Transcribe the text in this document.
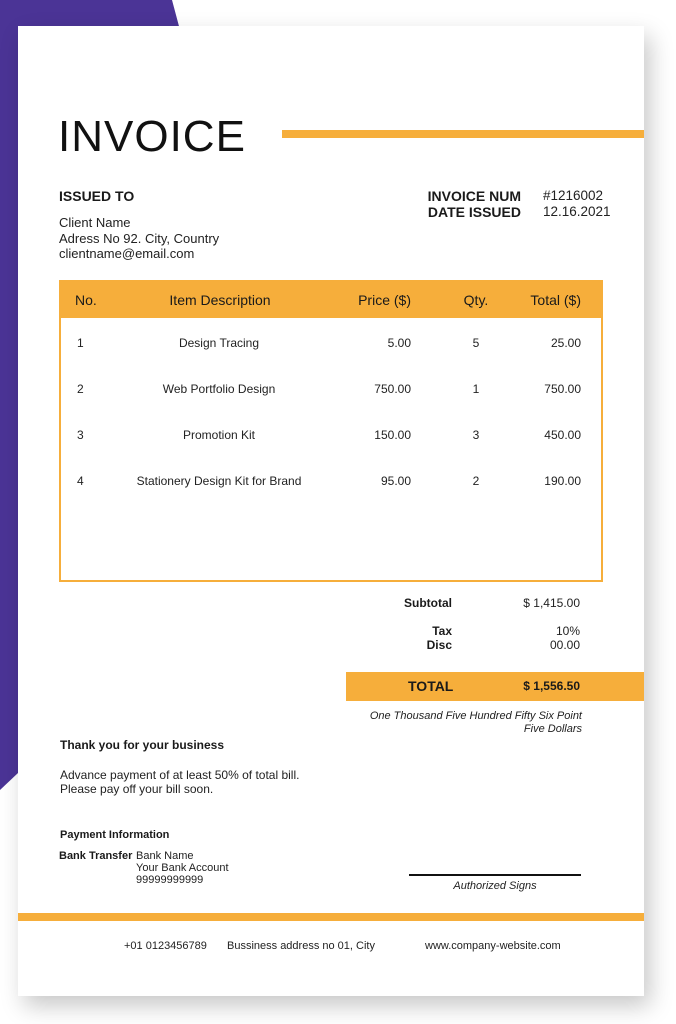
INVOICE
ISSUED TO
Client Name
Adress No 92. City, Country
clientname@email.com
INVOICE NUM #1216002
DATE ISSUED 12.16.2021
No.	Item Description	Price ($)	Qty.	Total ($)
1	Design Tracing	5.00	5	25.00
2	Web Portfolio Design	750.00	1	750.00
3	Promotion Kit	150.00	3	450.00
4	Stationery Design Kit for Brand	95.00	2	190.00
Subtotal	$ 1,415.00
Tax	10%
Disc	00.00
TOTAL	$ 1,556.50
One Thousand Five Hundred Fifty Six Point Five Dollars
Thank you for your business
Advance payment of at least 50% of total bill.
Please pay off your bill soon.
Payment Information
Bank Transfer Bank Name
Your Bank Account
99999999999	Authorized Signs
+01 0123456789 Bussiness address no 01, City	www.company-website.com
